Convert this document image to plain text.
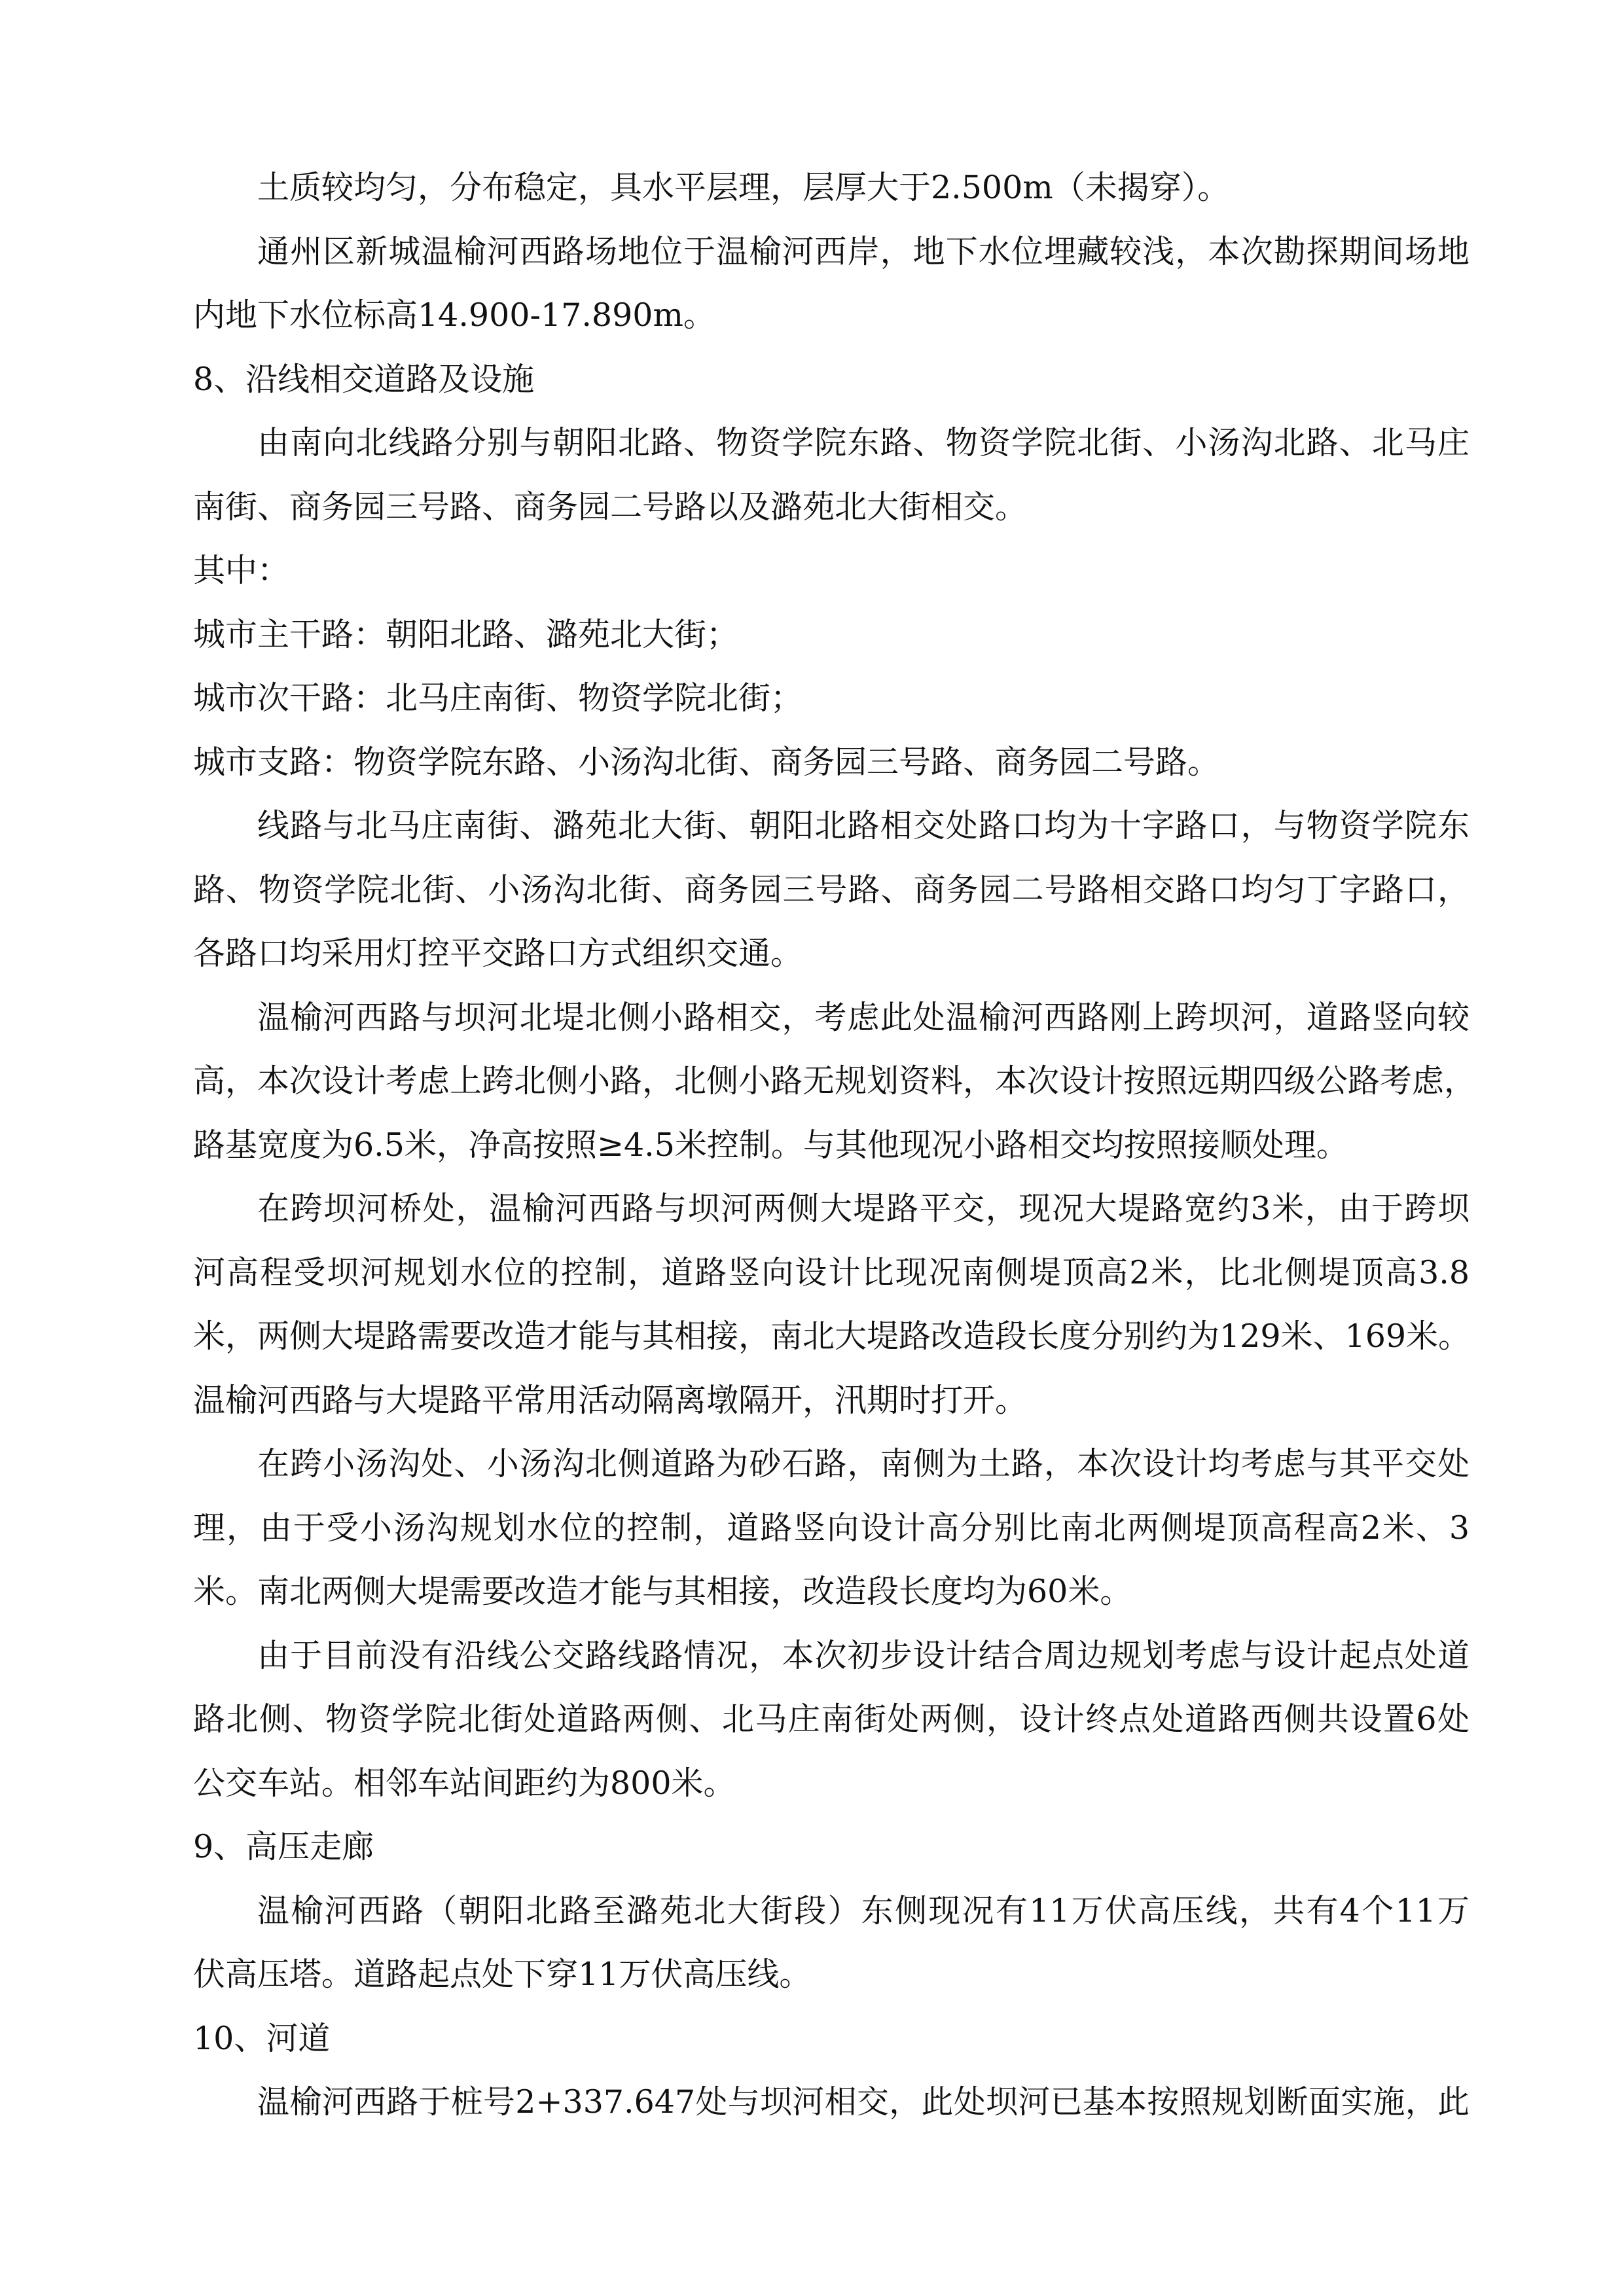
土质较均匀，分布稳定，具水平层理，层厚大于2.500m（未揭穿）。
通州区新城温榆河西路场地位于温榆河西岸，地下水位埋藏较浅，本次勘探期间场地
内地下水位标高14.900-17.890m。
8、沿线相交道路及设施
由南向北线路分别与朝阳北路、物资学院东路、物资学院北街、小汤沟北路、北马庄
南街、商务园三号路、商务园二号路以及潞苑北大街相交。
其中：
城市主干路：朝阳北路、潞苑北大街；
城市次干路：北马庄南街、物资学院北街；
城市支路：物资学院东路、小汤沟北街、商务园三号路、商务园二号路。
线路与北马庄南街、潞苑北大街、朝阳北路相交处路口均为十字路口，与物资学院东
路、物资学院北街、小汤沟北街、商务园三号路、商务园二号路相交路口均匀丁字路口，
各路口均采用灯控平交路口方式组织交通。
温榆河西路与坝河北堤北侧小路相交，考虑此处温榆河西路刚上跨坝河，道路竖向较
高，本次设计考虑上跨北侧小路，北侧小路无规划资料，本次设计按照远期四级公路考虑，
路基宽度为6.5米，净高按照≥4.5米控制。与其他现况小路相交均按照接顺处理。
在跨坝河桥处，温榆河西路与坝河两侧大堤路平交，现况大堤路宽约3米，由于跨坝
河高程受坝河规划水位的控制，道路竖向设计比现况南侧堤顶高2米，比北侧堤顶高3.8
米，两侧大堤路需要改造才能与其相接，南北大堤路改造段长度分别约为129米、169米。
温榆河西路与大堤路平常用活动隔离墩隔开，汛期时打开。
在跨小汤沟处、小汤沟北侧道路为砂石路，南侧为土路，本次设计均考虑与其平交处
理，由于受小汤沟规划水位的控制，道路竖向设计高分别比南北两侧堤顶高程高2米、3
米。南北两侧大堤需要改造才能与其相接，改造段长度均为60米。
由于目前没有沿线公交路线路情况，本次初步设计结合周边规划考虑与设计起点处道
路北侧、物资学院北街处道路两侧、北马庄南街处两侧，设计终点处道路西侧共设置6处
公交车站。相邻车站间距约为800米。
9、高压走廊
温榆河西路（朝阳北路至潞苑北大街段）东侧现况有11万伏高压线，共有4个11万
伏高压塔。道路起点处下穿11万伏高压线。
10、河道
温榆河西路于桩号2+337.647处与坝河相交，此处坝河已基本按照规划断面实施，此
